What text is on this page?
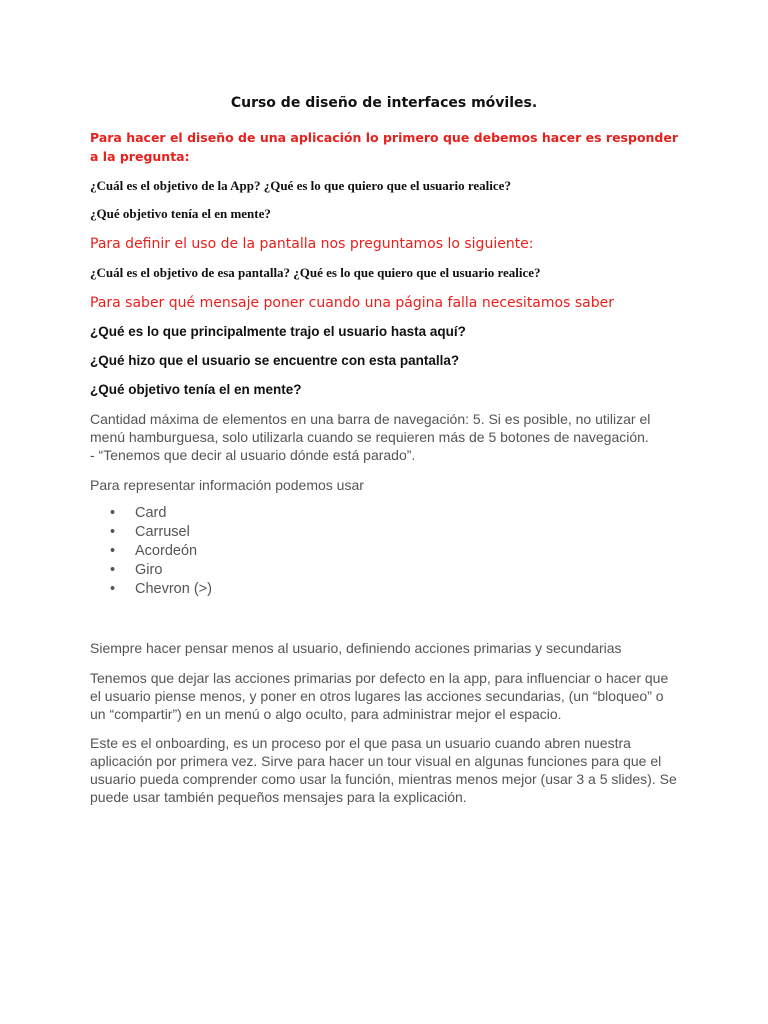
Curso de diseño de interfaces móviles.

Para hacer el diseño de una aplicación lo primero que debemos hacer es responder a la pregunta:

¿Cuál es el objetivo de la App? ¿Qué es lo que quiero que el usuario realice?

¿Qué objetivo tenía el en mente?

Para definir el uso de la pantalla nos preguntamos lo siguiente:

¿Cuál es el objetivo de esa pantalla? ¿Qué es lo que quiero que el usuario realice?

Para saber qué mensaje poner cuando una página falla necesitamos saber

¿Qué es lo que principalmente trajo el usuario hasta aquí?

¿Qué hizo que el usuario se encuentre con esta pantalla?

¿Qué objetivo tenía el en mente?

Cantidad máxima de elementos en una barra de navegación: 5. Si es posible, no utilizar el menú hamburguesa, solo utilizarla cuando se requieren más de 5 botones de navegación.
- “Tenemos que decir al usuario dónde está parado”.

Para representar información podemos usar

• Card
• Carrusel
• Acordeón
• Giro
• Chevron (>)

Siempre hacer pensar menos al usuario, definiendo acciones primarias y secundarias

Tenemos que dejar las acciones primarias por defecto en la app, para influenciar o hacer que el usuario piense menos, y poner en otros lugares las acciones secundarias, (un “bloqueo” o un “compartir”) en un menú o algo oculto, para administrar mejor el espacio.

Este es el onboarding, es un proceso por el que pasa un usuario cuando abren nuestra aplicación por primera vez. Sirve para hacer un tour visual en algunas funciones para que el usuario pueda comprender como usar la función, mientras menos mejor (usar 3 a 5 slides). Se puede usar también pequeños mensajes para la explicación.
